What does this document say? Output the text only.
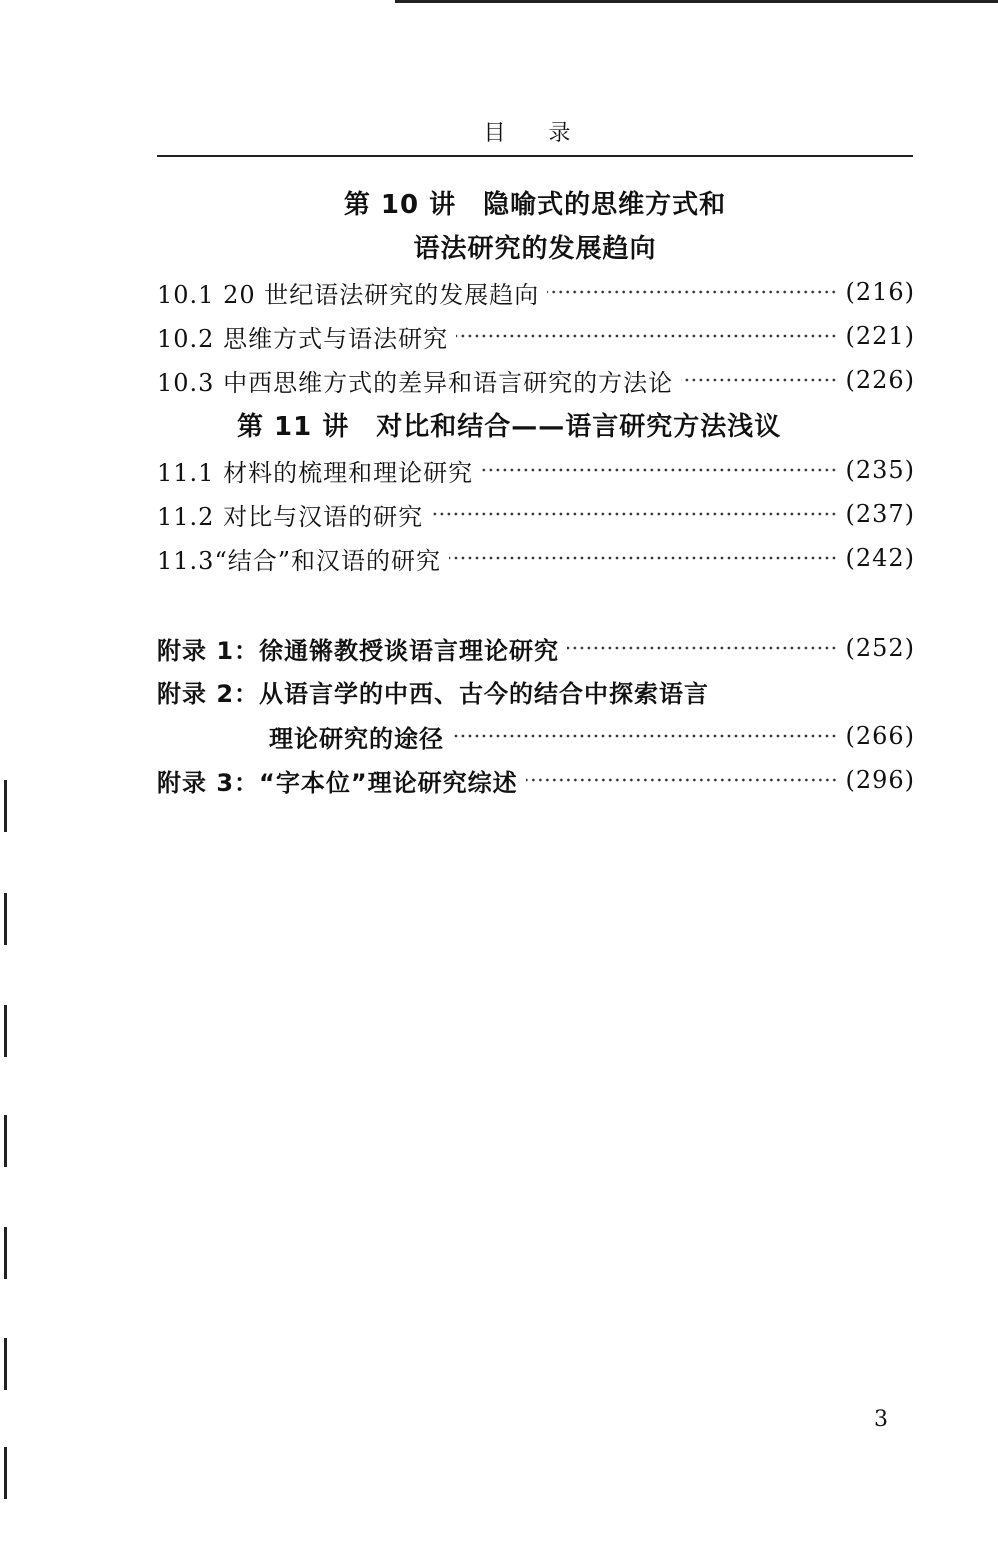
目 录
第 10 讲　隐喻式的思维方式和
语法研究的发展趋向
10.1 20 世纪语法研究的发展趋向	(216)
10.2 思维方式与语法研究	(221)
10.3 中西思维方式的差异和语言研究的方法论	(226)
第 11 讲　对比和结合——语言研究方法浅议
11.1 材料的梳理和理论研究	(235)
11.2 对比与汉语的研究	(237)
11.3“结合”和汉语的研究	(242)
附录 1：徐通锵教授谈语言理论研究	(252)
附录 2：从语言学的中西、古今的结合中探索语言
理论研究的途径	(266)
附录 3：“字本位”理论研究综述	(296)
3
